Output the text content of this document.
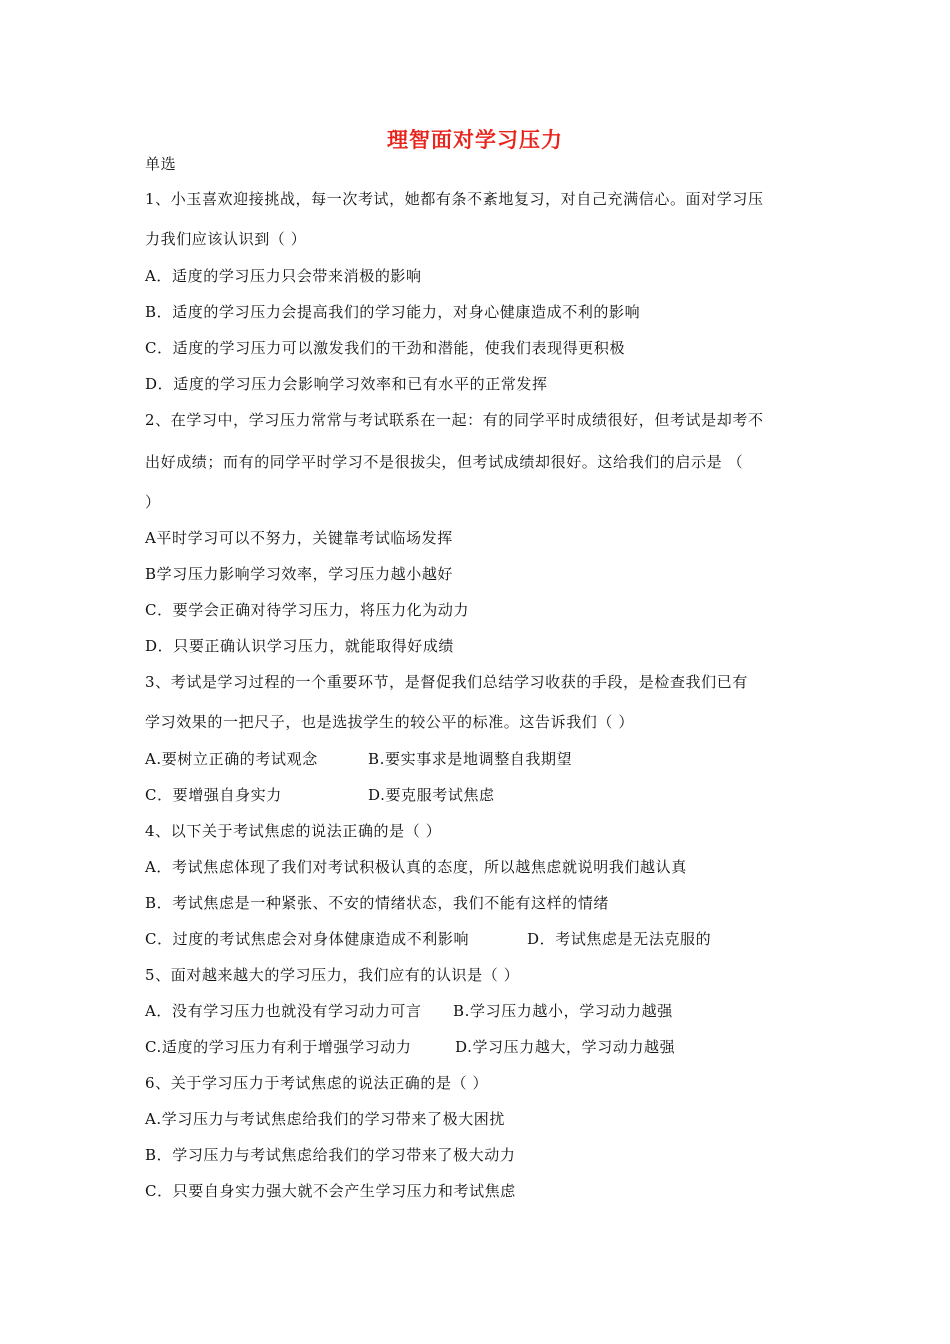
理智面对学习压力
单选
1、小玉喜欢迎接挑战，每一次考试，她都有条不紊地复习，对自己充满信心。面对学习压
力我们应该认识到（ ）
A．适度的学习压力只会带来消极的影响
B．适度的学习压力会提高我们的学习能力，对身心健康造成不利的影响
C．适度的学习压力可以激发我们的干劲和潜能，使我们表现得更积极
D．适度的学习压力会影响学习效率和已有水平的正常发挥
2、在学习中，学习压力常常与考试联系在一起：有的同学平时成绩很好，但考试是却考不
出好成绩；而有的同学平时学习不是很拔尖，但考试成绩却很好。这给我们的启示是 （
）
A平时学习可以不努力，关键靠考试临场发挥
B学习压力影响学习效率，学习压力越小越好
C．要学会正确对待学习压力，将压力化为动力
D．只要正确认识学习压力，就能取得好成绩
3、考试是学习过程的一个重要环节，是督促我们总结学习收获的手段，是检查我们已有
学习效果的一把尺子，也是选拔学生的较公平的标准。这告诉我们（ ）
A.要树立正确的考试观念	B.要实事求是地调整自我期望
C．要增强自身实力	D.要克服考试焦虑
4、以下关于考试焦虑的说法正确的是（ ）
A．考试焦虑体现了我们对考试积极认真的态度，所以越焦虑就说明我们越认真
B．考试焦虑是一种紧张、不安的情绪状态，我们不能有这样的情绪
C．过度的考试焦虑会对身体健康造成不利影响	D．考试焦虑是无法克服的
5、面对越来越大的学习压力，我们应有的认识是（ ）
A．没有学习压力也就没有学习动力可言 B.学习压力越小，学习动力越强
C.适度的学习压力有利于增强学习动力	D.学习压力越大，学习动力越强
6、关于学习压力于考试焦虑的说法正确的是（ ）
A.学习压力与考试焦虑给我们的学习带来了极大困扰
B．学习压力与考试焦虑给我们的学习带来了极大动力
C．只要自身实力强大就不会产生学习压力和考试焦虑
